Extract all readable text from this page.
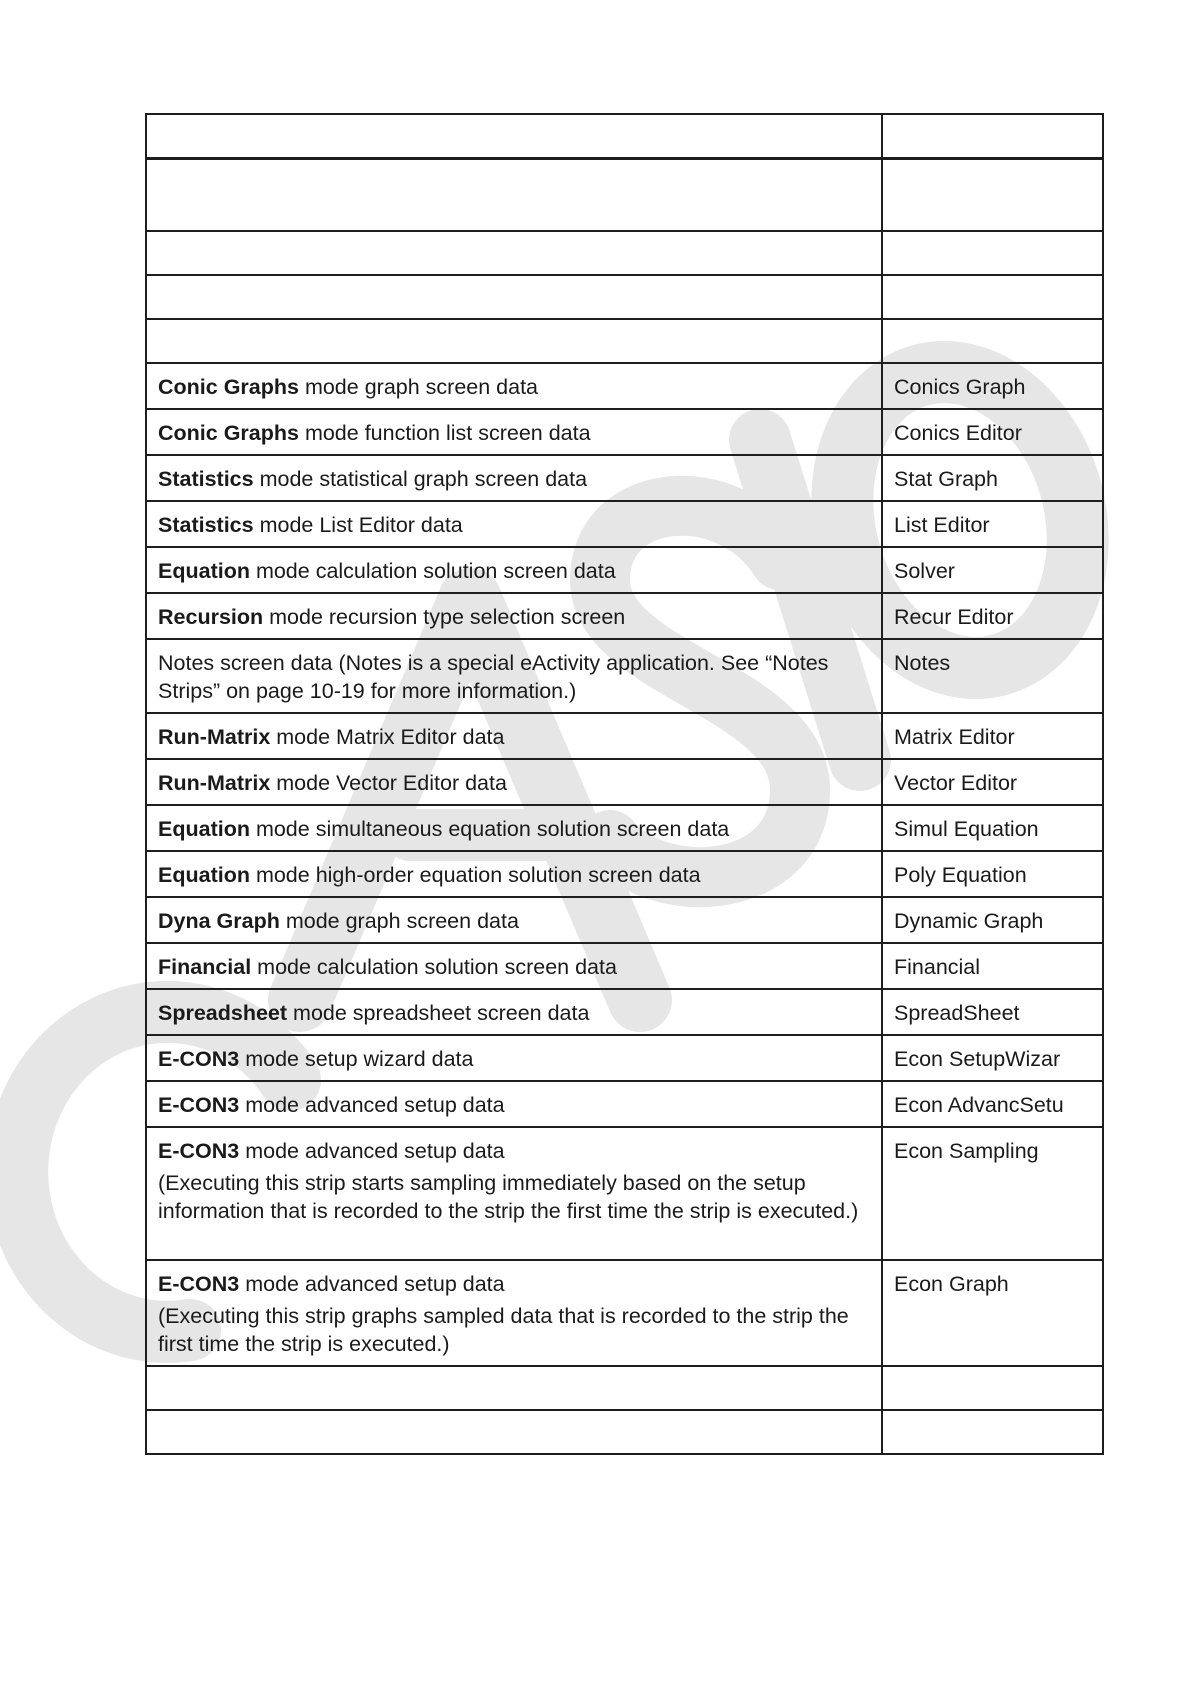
Conic Graphs mode graph screen data	Conics Graph
Conic Graphs mode function list screen data	Conics Editor
Statistics mode statistical graph screen data	Stat Graph
Statistics mode List Editor data	List Editor
Equation mode calculation solution screen data	Solver
Recursion mode recursion type selection screen	Recur Editor
Notes screen data (Notes is a special eActivity application. See “Notes Strips” on page 10-19 for more information.)	Notes
Run-Matrix mode Matrix Editor data	Matrix Editor
Run-Matrix mode Vector Editor data	Vector Editor
Equation mode simultaneous equation solution screen data	Simul Equation
Equation mode high-order equation solution screen data	Poly Equation
Dyna Graph mode graph screen data	Dynamic Graph
Financial mode calculation solution screen data	Financial
Spreadsheet mode spreadsheet screen data	SpreadSheet
E-CON3 mode setup wizard data	Econ SetupWizar
E-CON3 mode advanced setup data	Econ AdvancSetu
E-CON3 mode advanced setup data
(Executing this strip starts sampling immediately based on the setup information that is recorded to the strip the first time the strip is executed.)	Econ Sampling
E-CON3 mode advanced setup data
(Executing this strip graphs sampled data that is recorded to the strip the first time the strip is executed.)	Econ Graph
